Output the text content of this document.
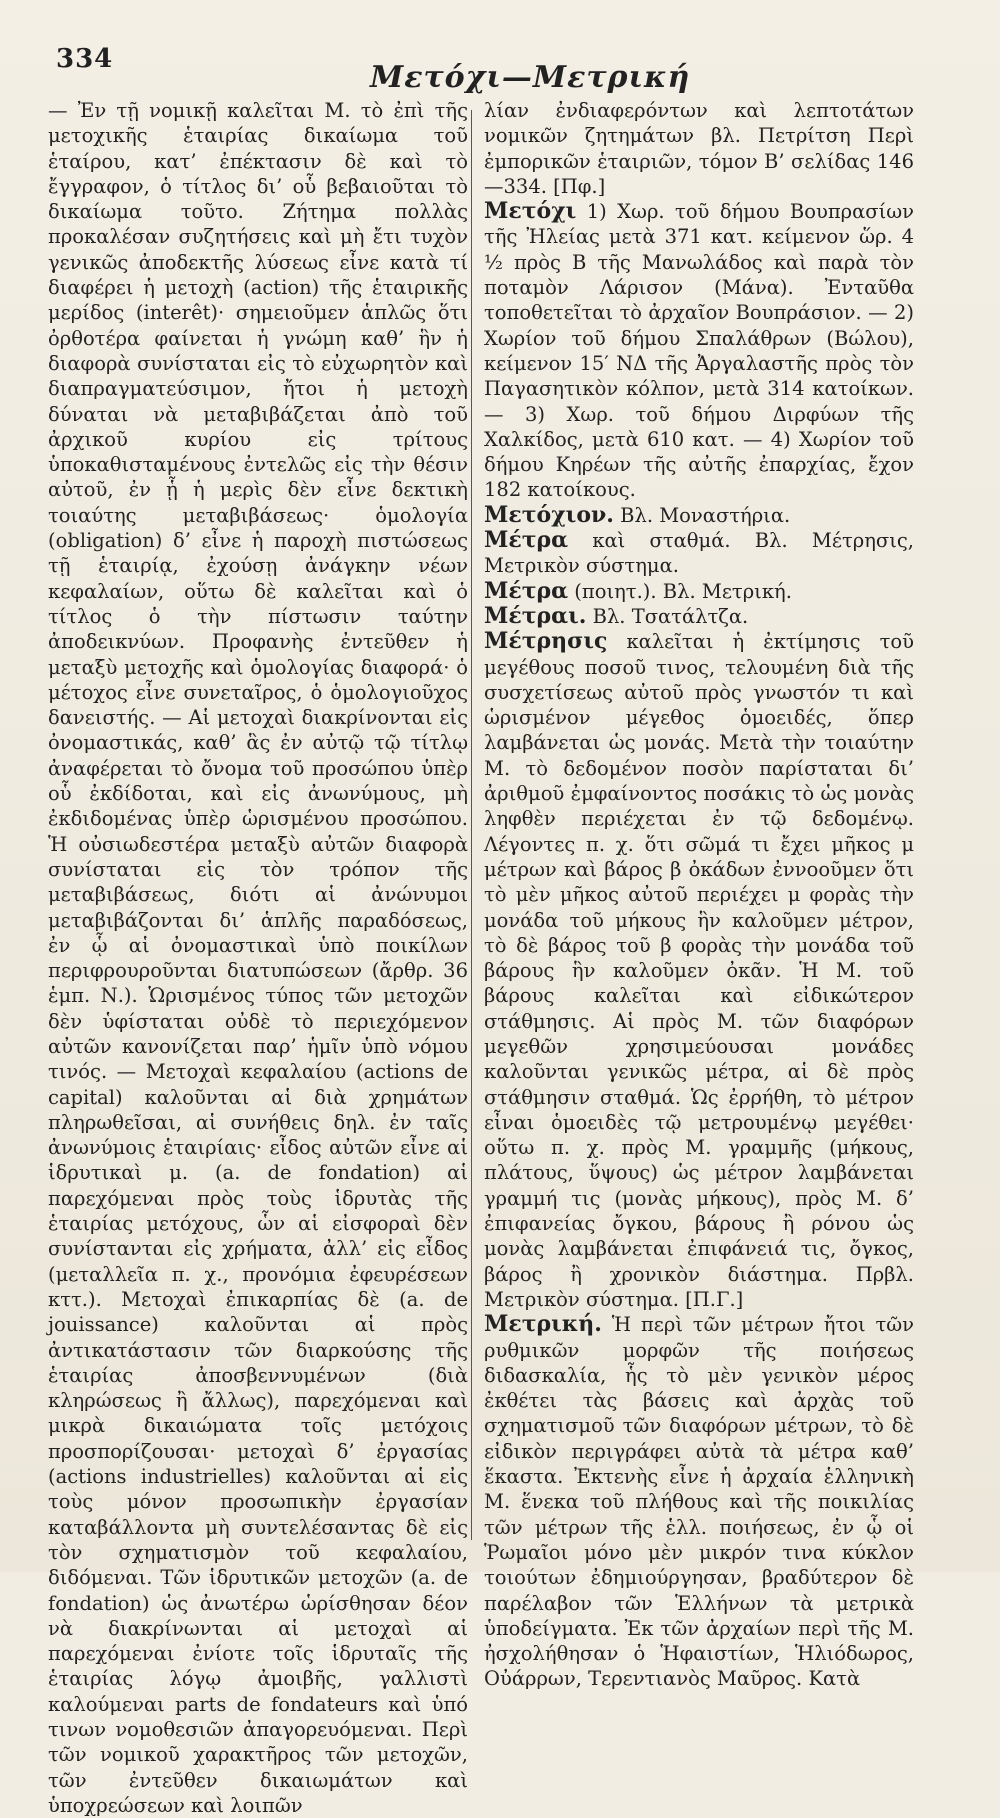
334
Μετόχι—Μετρική

— Ἐν τῇ νομικῇ καλεῖται Μ. τὸ ἐπὶ τῆς μετοχικῆς ἑταιρίας δικαίωμα τοῦ ἑταίρου, κατ’ ἐπέκτασιν δὲ καὶ τὸ ἔγγραφον, ὁ τίτλος δι’ οὗ βεβαιοῦται τὸ δικαίωμα τοῦτο. Ζήτημα πολλὰς προκαλέσαν συζητήσεις καὶ μὴ ἔτι τυχὸν γενικῶς ἀποδεκτῆς λύσεως εἶνε κατὰ τί διαφέρει ἡ μετοχὴ (action) τῆς ἑταιρικῆς μερίδος (interêt)· σημειοῦμεν ἁπλῶς ὅτι ὀρθοτέρα φαίνεται ἡ γνώμη καθ’ ἣν ἡ διαφορὰ συνίσταται εἰς τὸ εὐχωρητὸν καὶ διαπραγματεύσιμον, ἤτοι ἡ μετοχὴ δύναται νὰ μεταβιβάζεται ἀπὸ τοῦ ἀρχικοῦ κυρίου εἰς τρίτους ὑποκαθισταμένους ἐντελῶς εἰς τὴν θέσιν αὐτοῦ, ἐν ᾗ ἡ μερὶς δὲν εἶνε δεκτικὴ τοιαύτης μεταβιβάσεως· ὁμολογία (obligation) δ’ εἶνε ἡ παροχὴ πιστώσεως τῇ ἑταιρίᾳ, ἐχούσῃ ἀνάγκην νέων κεφαλαίων, οὕτω δὲ καλεῖται καὶ ὁ τίτλος ὁ τὴν πίστωσιν ταύτην ἀποδεικνύων. Προφανὴς ἐντεῦθεν ἡ μεταξὺ μετοχῆς καὶ ὁμολογίας διαφορά· ὁ μέτοχος εἶνε συνεταῖρος, ὁ ὁμολογιοῦχος δανειστής. — Αἱ μετοχαὶ διακρίνονται εἰς ὀνομαστικάς, καθ’ ἃς ἐν αὐτῷ τῷ τίτλῳ ἀναφέρεται τὸ ὄνομα τοῦ προσώπου ὑπὲρ οὗ ἐκδίδοται, καὶ εἰς ἀνωνύμους, μὴ ἐκδιδομένας ὑπὲρ ὡρισμένου προσώπου. Ἡ οὐσιωδεστέρα μεταξὺ αὐτῶν διαφορὰ συνίσταται εἰς τὸν τρόπον τῆς μεταβιβάσεως, διότι αἱ ἀνώνυμοι μεταβιβάζονται δι’ ἁπλῆς παραδόσεως, ἐν ᾧ αἱ ὀνομαστικαὶ ὑπὸ ποικίλων περιφρουροῦνται διατυπώσεων (ἄρθρ. 36 ἑμπ. Ν.). Ὡρισμένος τύπος τῶν μετοχῶν δὲν ὑφίσταται οὐδὲ τὸ περιεχόμενον αὐτῶν κανονίζεται παρ’ ἡμῖν ὑπὸ νόμου τινός. — Μετοχαὶ κεφαλαίου (actions de capital) καλοῦνται αἱ διὰ χρημάτων πληρωθεῖσαι, αἱ συνήθεις δηλ. ἐν ταῖς ἀνωνύμοις ἑταιρίαις· εἶδος αὐτῶν εἶνε αἱ ἱδρυτικαὶ μ. (a. de fondation) αἱ παρεχόμεναι πρὸς τοὺς ἱδρυτὰς τῆς ἑταιρίας μετόχους, ὧν αἱ εἰσφοραὶ δὲν συνίστανται εἰς χρήματα, ἀλλ’ εἰς εἶδος (μεταλλεῖα π. χ., προνόμια ἐφευρέσεων κττ.). Μετοχαὶ ἐπικαρπίας δὲ (a. de jouissance) καλοῦνται αἱ πρὸς ἀντικατάστασιν τῶν διαρκούσης τῆς ἑταιρίας ἀποσβεννυμένων (διὰ κληρώσεως ἢ ἄλλως), παρεχόμεναι καὶ μικρὰ δικαιώματα τοῖς μετόχοις προσπορίζουσαι· μετοχαὶ δ’ ἐργασίας (actions industrielles) καλοῦνται αἱ εἰς τοὺς μόνον προσωπικὴν ἐργασίαν καταβάλλοντα μὴ συντελέσαντας δὲ εἰς τὸν σχηματισμὸν τοῦ κεφαλαίου, διδόμεναι. Τῶν ἱδρυτικῶν μετοχῶν (a. de fondation) ὡς ἀνωτέρω ὡρίσθησαν δέον νὰ διακρίνωνται αἱ μετοχαὶ αἱ παρεχόμεναι ἐνίοτε τοῖς ἱδρυταῖς τῆς ἑταιρίας λόγῳ ἀμοιβῆς, γαλλιστὶ καλούμεναι parts de fondateurs καὶ ὑπό τινων νομοθεσιῶν ἀπαγορευόμεναι. Περὶ τῶν νομικοῦ χαρακτῆρος τῶν μετοχῶν, τῶν ἐντεῦθεν δικαιωμάτων καὶ ὑποχρεώσεων καὶ λοιπῶν

λίαν ἐνδιαφερόντων καὶ λεπτοτάτων νομικῶν ζητημάτων βλ. Πετρίτση Περὶ ἐμπορικῶν ἑταιριῶν, τόμον Β’ σελίδας 146—334. [Πφ.]

Μετόχι 1) Χωρ. τοῦ δήμου Βουπρασίων τῆς Ἠλείας μετὰ 371 κατ. κείμενον ὥρ. 4 ½ πρὸς Β τῆς Μανωλάδος καὶ παρὰ τὸν ποταμὸν Λάρισον (Μάνα). Ἐνταῦθα τοποθετεῖται τὸ ἀρχαῖον Βουπράσιον. — 2) Χωρίον τοῦ δήμου Σπαλάθρων (Βώλου), κείμενον 15′ ΝΔ τῆς Ἀργαλαστῆς πρὸς τὸν Παγασητικὸν κόλπον, μετὰ 314 κατοίκων. — 3) Χωρ. τοῦ δήμου Διρφύων τῆς Χαλκίδος, μετὰ 610 κατ. — 4) Χωρίον τοῦ δήμου Κηρέων τῆς αὐτῆς ἐπαρχίας, ἔχον 182 κατοίκους.

Μετόχιον. Βλ. Μοναστήρια.

Μέτρα καὶ σταθμά. Βλ. Μέτρησις, Μετρικὸν σύστημα.

Μέτρα (ποιητ.). Βλ. Μετρική.

Μέτραι. Βλ. Τσατάλτζα.

Μέτρησις καλεῖται ἡ ἐκτίμησις τοῦ μεγέθους ποσοῦ τινος, τελουμένη διὰ τῆς συσχετίσεως αὐτοῦ πρὸς γνωστόν τι καὶ ὡρισμένον μέγεθος ὁμοειδές, ὅπερ λαμβάνεται ὡς μονάς. Μετὰ τὴν τοιαύτην Μ. τὸ δεδομένον ποσὸν παρίσταται δι’ ἀριθμοῦ ἐμφαίνοντος ποσάκις τὸ ὡς μονὰς ληφθὲν περιέχεται ἐν τῷ δεδομένῳ. Λέγοντες π. χ. ὅτι σῶμά τι ἔχει μῆκος μ μέτρων καὶ βάρος β ὀκάδων ἐννοοῦμεν ὅτι τὸ μὲν μῆκος αὐτοῦ περιέχει μ φορὰς τὴν μονάδα τοῦ μήκους ἣν καλοῦμεν μέτρον, τὸ δὲ βάρος τοῦ β φορὰς τὴν μονάδα τοῦ βάρους ἣν καλοῦμεν ὀκᾶν. Ἡ Μ. τοῦ βάρους καλεῖται καὶ εἰδικώτερον στάθμησις. Αἱ πρὸς Μ. τῶν διαφόρων μεγεθῶν χρησιμεύουσαι μονάδες καλοῦνται γενικῶς μέτρα, αἱ δὲ πρὸς στάθμησιν σταθμά. Ὡς ἐρρήθη, τὸ μέτρον εἶναι ὁμοειδὲς τῷ μετρουμένῳ μεγέθει· οὕτω π. χ. πρὸς Μ. γραμμῆς (μήκους, πλάτους, ὕψους) ὡς μέτρον λαμβάνεται γραμμή τις (μονὰς μήκους), πρὸς Μ. δ’ ἐπιφανείας ὄγκου, βάρους ἢ ρόνου ὡς μονὰς λαμβάνεται ἐπιφάνειά τις, ὄγκος, βάρος ἢ χρονικὸν διάστημα. Πρβλ. Μετρικὸν σύστημα. [Π.Γ.]

Μετρική. Ἡ περὶ τῶν μέτρων ἤτοι τῶν ρυθμικῶν μορφῶν τῆς ποιήσεως διδασκαλία, ἧς τὸ μὲν γενικὸν μέρος ἐκθέτει τὰς βάσεις καὶ ἀρχὰς τοῦ σχηματισμοῦ τῶν διαφόρων μέτρων, τὸ δὲ εἰδικὸν περιγράφει αὐτὰ τὰ μέτρα καθ’ ἕκαστα. Ἐκτενὴς εἶνε ἡ ἀρχαία ἑλληνικὴ Μ. ἕνεκα τοῦ πλήθους καὶ τῆς ποικιλίας τῶν μέτρων τῆς ἑλλ. ποιήσεως, ἐν ᾧ οἱ Ῥωμαῖοι μόνο μὲν μικρόν τινα κύκλον τοιούτων ἐδημιούργησαν, βραδύτερον δὲ παρέλαβον τῶν Ἑλλήνων τὰ μετρικὰ ὑποδείγματα. Ἐκ τῶν ἀρχαίων περὶ τῆς Μ. ἠσχολήθησαν ὁ Ἡφαιστίων, Ἡλιόδωρος, Οὐάρρων, Τερεντιανὸς Μαῦρος. Κατὰ
